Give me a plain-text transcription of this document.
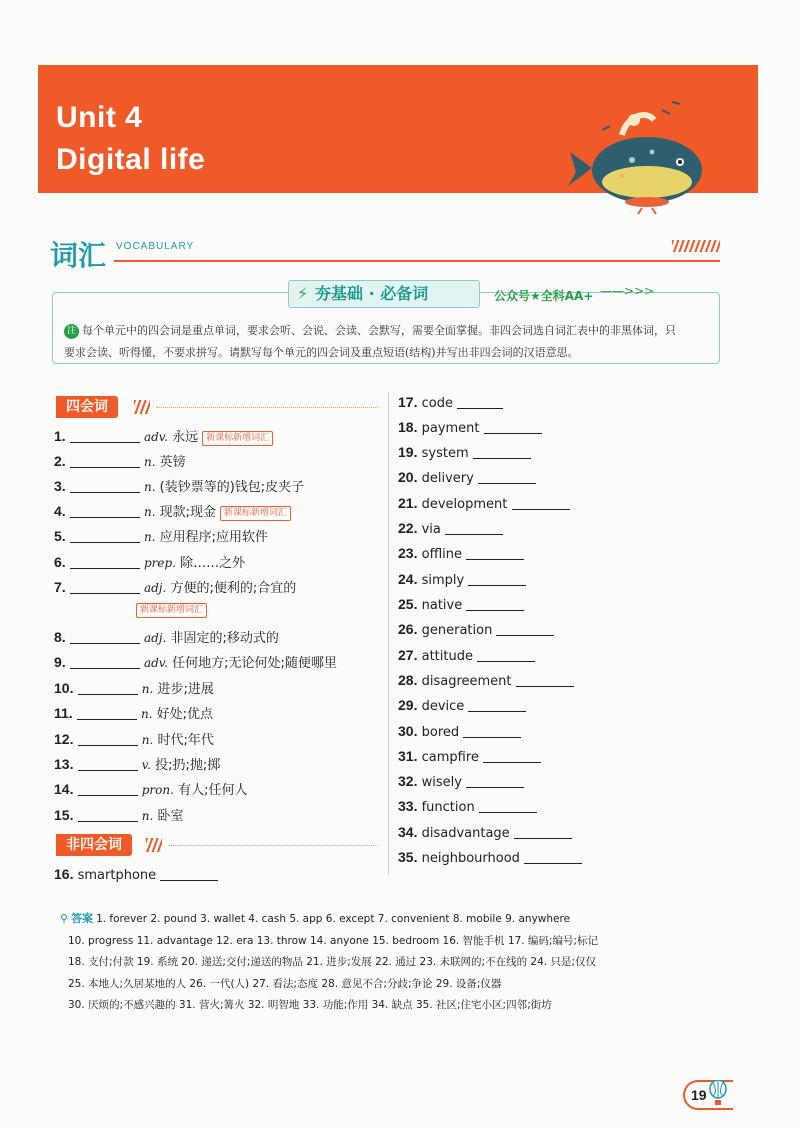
Unit 4
Digital life
词汇 VOCABULARY
⚡ 夯基础 · 必备词	公众号★全科AA+ ——>>>
注 每个单元中的四会词是重点单词，要求会听、会说、会读、会默写，需要全面掌握。非四会词选自词汇表中的非黑体词，只
要求会读、听得懂，不要求拼写。请默写每个单元的四会词及重点短语(结构)并写出非四会词的汉语意思。
四会词
非四会词
1.	adv. 永远 新课标新增词汇
2.	n. 英镑
3.	n. (装钞票等的)钱包;皮夹子
4.	n. 现款;现金 新课标新增词汇
5.	n. 应用程序;应用软件
6.	prep. 除……之外
7.	adj. 方便的;便利的;合宜的
新课标新增词汇
8.	adj. 非固定的;移动式的
9.	adv. 任何地方;无论何处;随便哪里
10.	n. 进步;进展
11.	n. 好处;优点
12.	n. 时代;年代
13.	v. 投;扔;抛;掷
14.	pron. 有人;任何人
15.	n. 卧室
16. smartphone
17. code
18. payment
19. system
20. delivery
21. development
22. via
23. offline
24. simply
25. native
26. generation
27. attitude
28. disagreement
29. device
30. bored
31. campfire
32. wisely
33. function
34. disadvantage
35. neighbourhood
⚲ 答案 1. forever 2. pound 3. wallet 4. cash 5. app 6. except 7. convenient 8. mobile 9. anywhere
10. progress 11. advantage 12. era 13. throw 14. anyone 15. bedroom 16. 智能手机 17. 编码;编号;标记
18. 支付;付款 19. 系统 20. 递送;交付;递送的物品 21. 进步;发展 22. 通过 23. 未联网的;不在线的 24. 只是;仅仅
25. 本地人;久居某地的人 26. 一代(人) 27. 看法;态度 28. 意见不合;分歧;争论 29. 设备;仪器
30. 厌烦的;不感兴趣的 31. 营火;篝火 32. 明智地 33. 功能;作用 34. 缺点 35. 社区;住宅小区;四邻;街坊
19
